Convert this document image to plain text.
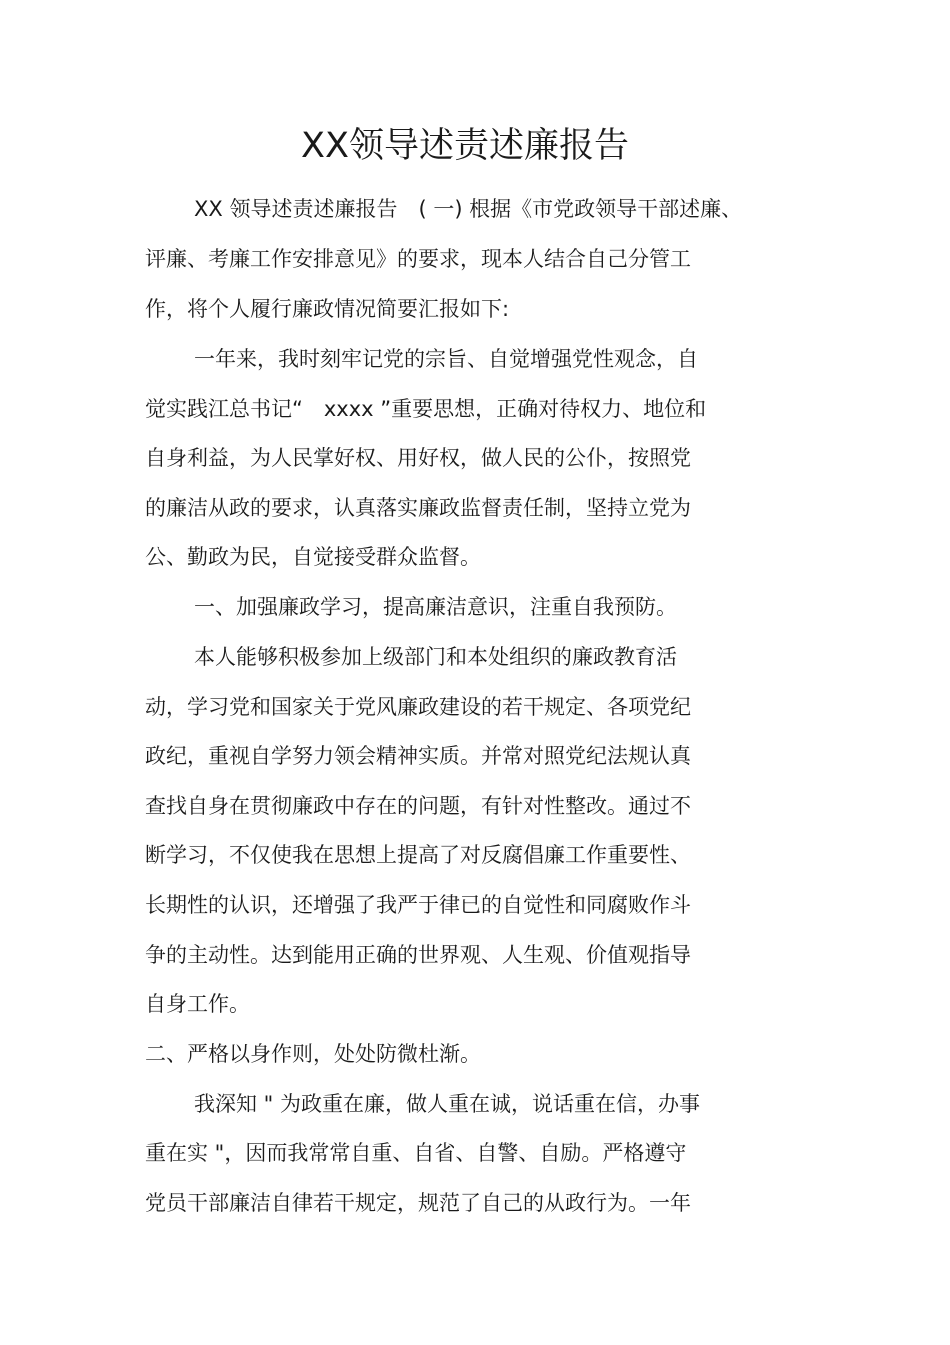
XX领导述责述廉报告

XX 领导述责述廉报告　( 一) 根据《市党政领导干部述廉、

评廉、考廉工作安排意见》的要求，现本人结合自己分管工

作，将个人履行廉政情况简要汇报如下:

一年来，我时刻牢记党的宗旨、自觉增强党性观念，自

觉实践江总书记“　xxxx ”重要思想，正确对待权力、地位和

自身利益，为人民掌好权、用好权，做人民的公仆，按照党

的廉洁从政的要求，认真落实廉政监督责任制，坚持立党为

公、勤政为民，自觉接受群众监督。

一、加强廉政学习，提高廉洁意识，注重自我预防。

本人能够积极参加上级部门和本处组织的廉政教育活

动，学习党和国家关于党风廉政建设的若干规定、各项党纪

政纪，重视自学努力领会精神实质。并常对照党纪法规认真

查找自身在贯彻廉政中存在的问题，有针对性整改。通过不

断学习，不仅使我在思想上提高了对反腐倡廉工作重要性、

长期性的认识，还增强了我严于律已的自觉性和同腐败作斗

争的主动性。达到能用正确的世界观、人生观、价值观指导

自身工作。

二、严格以身作则，处处防微杜渐。

我深知 " 为政重在廉，做人重在诚，说话重在信，办事

重在实 "，因而我常常自重、自省、自警、自励。严格遵守

党员干部廉洁自律若干规定，规范了自己的从政行为。一年
